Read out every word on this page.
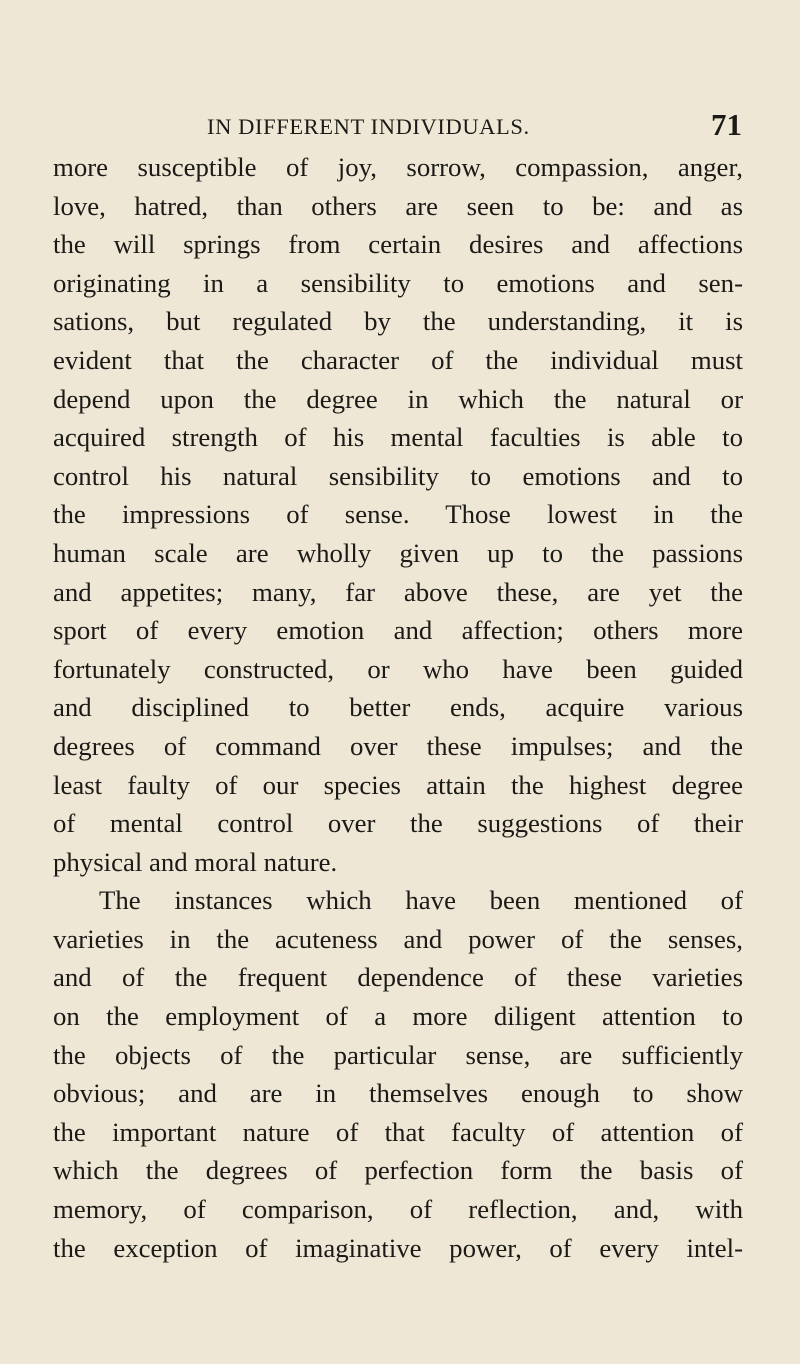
IN DIFFERENT INDIVIDUALS.	71
more susceptible of joy, sorrow, compassion, anger,
love, hatred, than others are seen to be: and as
the will springs from certain desires and affections
originating in a sensibility to emotions and sen-
sations, but regulated by the understanding, it is
evident that the character of the individual must
depend upon the degree in which the natural or
acquired strength of his mental faculties is able to
control his natural sensibility to emotions and to
the impressions of sense. Those lowest in the
human scale are wholly given up to the passions
and appetites; many, far above these, are yet the
sport of every emotion and affection; others more
fortunately constructed, or who have been guided
and disciplined to better ends, acquire various
degrees of command over these impulses; and the
least faulty of our species attain the highest degree
of mental control over the suggestions of their
physical and moral nature.
The instances which have been mentioned of
varieties in the acuteness and power of the senses,
and of the frequent dependence of these varieties
on the employment of a more diligent attention to
the objects of the particular sense, are sufficiently
obvious; and are in themselves enough to show
the important nature of that faculty of attention of
which the degrees of perfection form the basis of
memory, of comparison, of reflection, and, with
the exception of imaginative power, of every intel-
